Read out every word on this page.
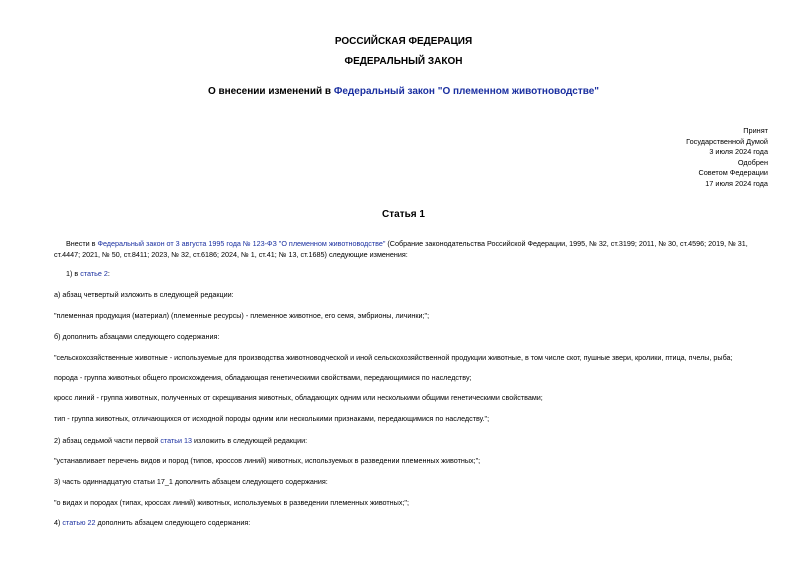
РОССИЙСКАЯ ФЕДЕРАЦИЯ
ФЕДЕРАЛЬНЫЙ ЗАКОН
О внесении изменений в Федеральный закон "О племенном животноводстве"
Принят
Государственной Думой
3 июля 2024 года
Одобрен
Советом Федерации
17 июля 2024 года
Статья 1
Внести в Федеральный закон от 3 августа 1995 года № 123-ФЗ "О племенном животноводстве" (Собрание законодательства Российской Федерации, 1995, № 32, ст.3199; 2011, № 30, ст.4596; 2019, № 31,
ст.4447; 2021, № 50, ст.8411; 2023, № 32, ст.6186; 2024, № 1, ст.41; № 13, ст.1685) следующие изменения:
1) в статье 2:
а) абзац четвертый изложить в следующей редакции:
"племенная продукция (материал) (племенные ресурсы) - племенное животное, его семя, эмбрионы, личинки;";
б) дополнить абзацами следующего содержания:
"сельскохозяйственные животные - используемые для производства животноводческой и иной сельскохозяйственной продукции животные, в том числе скот, пушные звери, кролики, птица, пчелы, рыба;
порода - группа животных общего происхождения, обладающая генетическими свойствами, передающимися по наследству;
кросс линий - группа животных, полученных от скрещивания животных, обладающих одним или несколькими общими генетическими свойствами;
тип - группа животных, отличающихся от исходной породы одним или несколькими признаками, передающимися по наследству.";
2) абзац седьмой части первой статьи 13 изложить в следующей редакции:
"устанавливает перечень видов и пород (типов, кроссов линий) животных, используемых в разведении племенных животных;";
3) часть одиннадцатую статьи 17_1 дополнить абзацем следующего содержания:
"о видах и породах (типах, кроссах линий) животных, используемых в разведении племенных животных;";
4) статью 22 дополнить абзацем следующего содержания:
